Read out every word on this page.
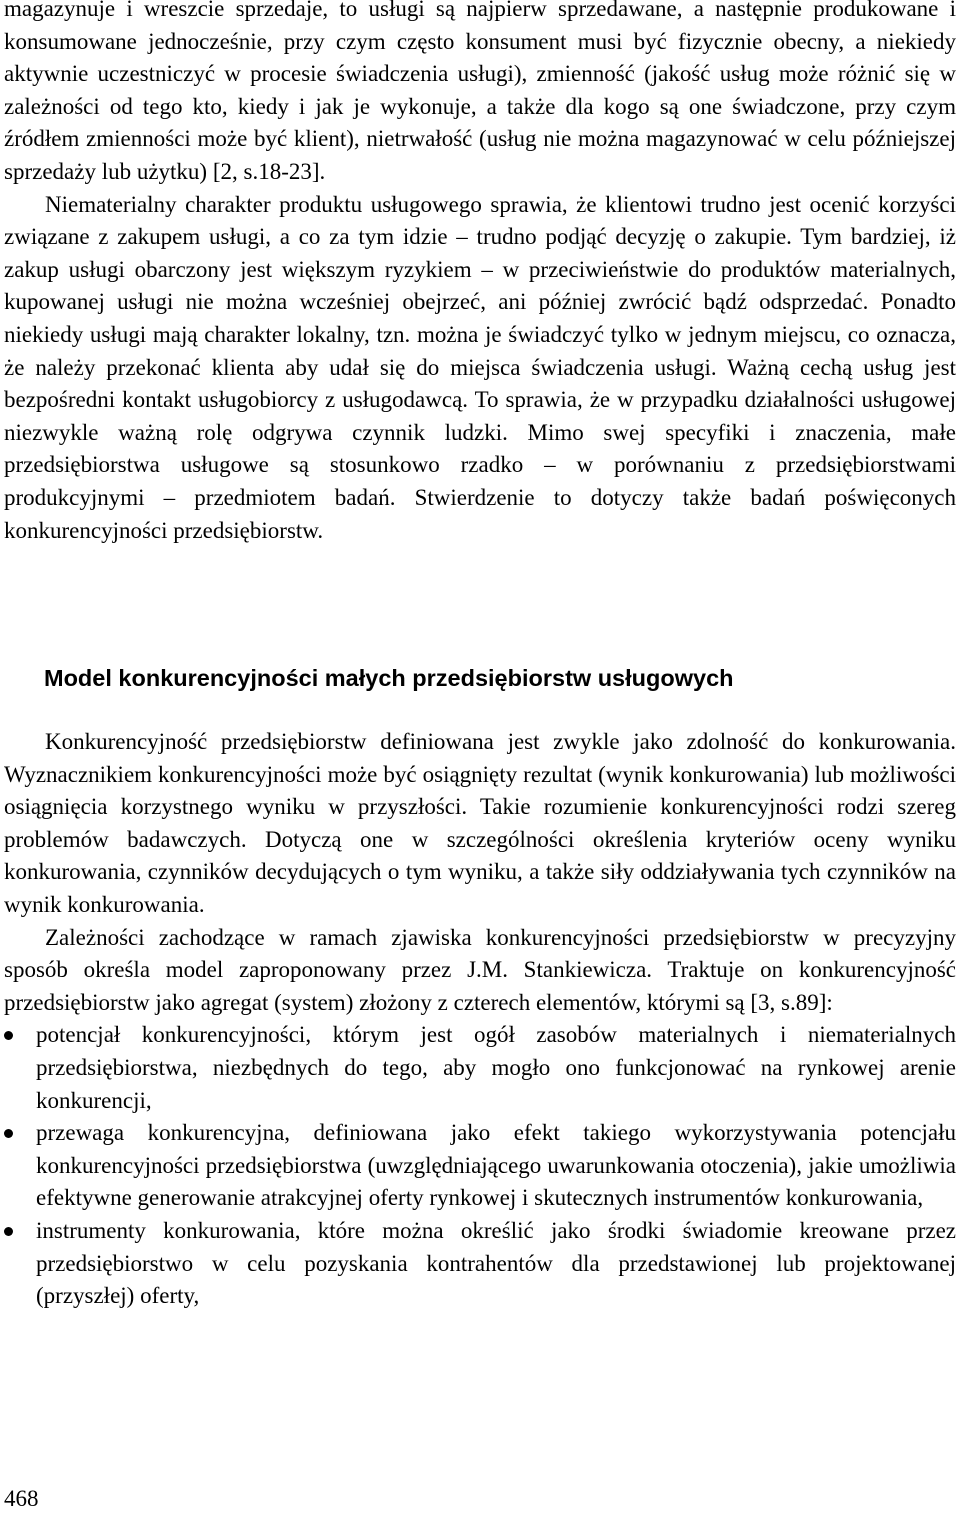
magazynuje i wreszcie sprzedaje, to usługi są najpierw sprzedawane, a następnie produkowane i konsumowane jednocześnie, przy czym często konsument musi być fizycznie obecny, a niekiedy aktywnie uczestniczyć w procesie świadczenia usługi), zmienność (jakość usług może różnić się w zależności od tego kto, kiedy i jak je wykonuje, a także dla kogo są one świadczone, przy czym źródłem zmienności może być klient), nietrwałość (usług nie można magazynować w celu późniejszej sprzedaży lub użytku) [2, s.18-23].

Niematerialny charakter produktu usługowego sprawia, że klientowi trudno jest ocenić korzyści związane z zakupem usługi, a co za tym idzie – trudno podjąć decyzję o zakupie. Tym bardziej, iż zakup usługi obarczony jest większym ryzykiem – w przeciwieństwie do produktów materialnych, kupowanej usługi nie można wcześniej obejrzeć, ani później zwrócić bądź odsprzedać. Ponadto niekiedy usługi mają charakter lokalny, tzn. można je świadczyć tylko w jednym miejscu, co oznacza, że należy przekonać klienta aby udał się do miejsca świadczenia usługi. Ważną cechą usług jest bezpośredni kontakt usługobiorcy z usługodawcą. To sprawia, że w przypadku działalności usługowej niezwykle ważną rolę odgrywa czynnik ludzki. Mimo swej specyfiki i znaczenia, małe przedsiębiorstwa usługowe są stosunkowo rzadko – w porównaniu z przedsiębiorstwami produkcyjnymi – przedmiotem badań. Stwierdzenie to dotyczy także badań poświęconych konkurencyjności przedsiębiorstw.

Model konkurencyjności małych przedsiębiorstw usługowych

Konkurencyjność przedsiębiorstw definiowana jest zwykle jako zdolność do konkurowania. Wyznacznikiem konkurencyjności może być osiągnięty rezultat (wynik konkurowania) lub możliwości osiągnięcia korzystnego wyniku w przyszłości. Takie rozumienie konkurencyjności rodzi szereg problemów badawczych. Dotyczą one w szczególności określenia kryteriów oceny wyniku konkurowania, czynników decydujących o tym wyniku, a także siły oddziaływania tych czynników na wynik konkurowania.

Zależności zachodzące w ramach zjawiska konkurencyjności przedsiębiorstw w precyzyjny sposób określa model zaproponowany przez J.M. Stankiewicza. Traktuje on konkurencyjność przedsiębiorstw jako agregat (system) złożony z czterech elementów, którymi są [3, s.89]:

potencjał konkurencyjności, którym jest ogół zasobów materialnych i niematerialnych przedsiębiorstwa, niezbędnych do tego, aby mogło ono funkcjonować na rynkowej arenie konkurencji,
przewaga konkurencyjna, definiowana jako efekt takiego wykorzystywania potencjału konkurencyjności przedsiębiorstwa (uwzględniającego uwarunkowania otoczenia), jakie umożliwia efektywne generowanie atrakcyjnej oferty rynkowej i skutecznych instrumentów konkurowania,
instrumenty konkurowania, które można określić jako środki świadomie kreowane przez przedsiębiorstwo w celu pozyskania kontrahentów dla przedstawionej lub projektowanej (przyszłej) oferty,

468
